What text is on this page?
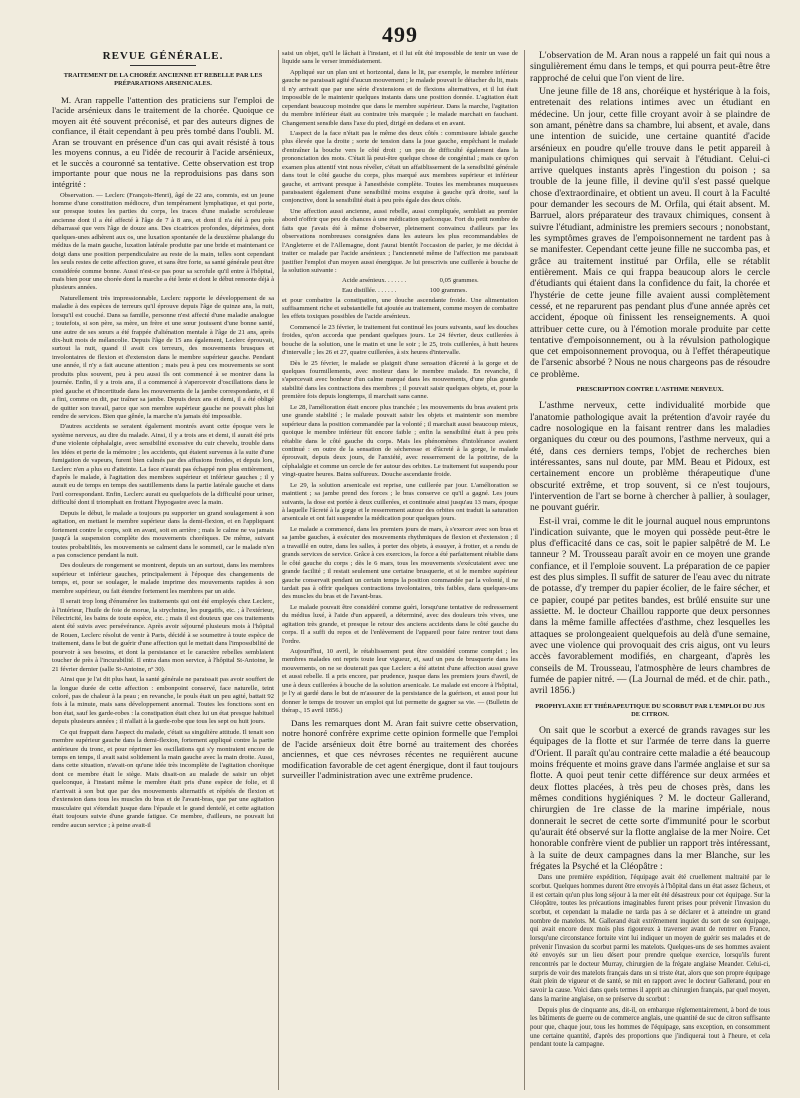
499
REVUE GÉNÉRALE.
TRAITEMENT DE LA CHORÉE ANCIENNE ET REBELLE PAR LES PRÉPARATIONS ARSENICALES.

M. Aran rappelle l'attention des praticiens sur l'emploi de l'acide arsénieux dans le traitement de la chorée. Quoique ce moyen ait été souvent préconisé, et par des auteurs dignes de confiance, il était cependant à peu près tombé dans l'oubli. M. Aran se trouvant en présence d'un cas qui avait résisté à tous les moyens connus, a eu l'idée de recourir à l'acide arsénieux, et le succès a couronné sa tentative. Cette observation est trop importante pour que nous ne la reproduisions pas dans son intégrité :

Observation. — Leclerc (François-Henri), âgé de 22 ans, commis, est un jeune homme d'une constitution médiocre, d'un tempérament lymphatique, et qui porte, sur presque toutes les parties du corps, les traces d'une maladie scrofuleuse ancienne dont il a été affecté à l'âge de 7 à 8 ans, et dont il n'a été à peu près débarrassé que vers l'âge de douze ans. Des cicatrices profondes, déprimées, dont quelques-unes adhèrent aux os, une luxation spontanée de la deuxième phalange du médius de la main gauche, luxation latérale produite par une bride et maintenant ce doigt dans une position perpendiculaire au reste de la main, telles sont cependant les seuls restes de cette affection grave, et sans être forte, sa santé générale peut être considérée comme bonne. Aussi n'est-ce pas pour sa scrofule qu'il entre à l'hôpital, mais bien pour une chorée dont la marche a été lente et dont le début remonte déjà à plusieurs années.

Naturellement très impressionnable, Leclerc rapporte le développement de sa maladie à des espèces de terreurs qu'il éprouve depuis l'âge de quinze ans, la nuit, lorsqu'il est couché. Dans sa famille, personne n'est affecté d'une maladie analogue ; toutefois, si son père, sa mère, un frère et une sœur jouissent d'une bonne santé, une autre de ses sœurs a été frappée d'aliénation mentale à l'âge de 21 ans, après dix-huit mois de mélancolie. Depuis l'âge de 15 ans également, Leclerc éprouvait, surtout la nuit, quand il avait ces terreurs, des mouvements brusques et involontaires de flexion et d'extension dans le membre supérieur gauche. Pendant une année, il n'y a fait aucune attention ; mais peu à peu ces mouvements se sont produits plus souvent, peu à peu aussi ils ont commencé à se montrer dans la journée. Enfin, il y a trois ans, il a commencé à s'apercevoir d'oscillations dans le pied gauche et d'incertitude dans les mouvements de la jambe correspondante, et il a fini, comme on dit, par traîner sa jambe. Depuis deux ans et demi, il a été obligé de quitter son travail, parce que son membre supérieur gauche ne pouvait plus lui rendre de services. Bien que gênée, la marche n'a jamais été impossible.

D'autres accidents se seraient également montrés avant cette époque vers le système nerveux, au dire du malade. Ainsi, il y a trois ans et demi, il aurait été pris d'une violente céphalalgie, avec sensibilité excessive du cuir chevelu, trouble dans les idées et perte de la mémoire ; les accidents, qui étaient survenus à la suite d'une fumigation de vapeurs, furent bien calmés par des affusions froides, et depuis lors, Leclerc n'en a plus eu d'atteinte. La face n'aurait pas échappé non plus entièrement, d'après le malade, à l'agitation des membres supérieur et inférieur gauches ; il y aurait eu de temps en temps des sautillements dans la partie latérale gauche et dans l'œil correspondant. Enfin, Leclerc aurait eu quelquefois de la difficulté pour uriner, difficulté dont il triomphait en frottant l'hypogastre avec la main.

Depuis le début, le malade a toujours pu supporter un grand soulagement à son agitation, en mettant le membre supérieur dans la demi-flexion, et en l'appliquant fortement contre le corps, soit en avant, soit en arrière ; mais le calme ne va jamais jusqu'à la suspension complète des mouvements choréiques. De même, suivant toutes probabilités, les mouvements se calment dans le sommeil, car le malade n'en a pas conscience pendant la nuit.

Des douleurs de rongement se montrent, depuis un an surtout, dans les membres supérieur et inférieur gauches, principalement à l'époque des changements de temps, et, pour se soulager, le malade imprime des mouvements rapides à son membre supérieur, ou fait étendre fortement les membres par un aide.

Il serait trop long d'énumérer les traitements qui ont été employés chez Leclerc, à l'intérieur, l'huile de foie de morue, la strychnine, les purgatifs, etc. ; à l'extérieur, l'électricité, les bains de toute espèce, etc. ; mais il est douteux que ces traitements aient été suivis avec persévérance. Après avoir séjourné plusieurs mois à l'hôpital de Rouen, Leclerc résolut de venir à Paris, décidé à se soumettre à toute espèce de traitement, dans le but de guérir d'une affection qui le mettait dans l'impossibilité de pourvoir à ses besoins, et dont la persistance et le caractère rebelles semblaient toucher de près à l'incurabilité. Il entra dans mon service, à l'hôpital St-Antoine, le 21 février dernier (salle St-Antoine, nº 30).

Ainsi que je l'ai dit plus haut, la santé générale ne paraissait pas avoir souffert de la longue durée de cette affection : embonpoint conservé, face naturelle, teint coloré, pas de chaleur à la peau ; en revanche, le pouls était un peu agité, battait 92 fois à la minute, mais sans développement anormal. Toutes les fonctions sont en bon état, sauf les garde-robes : la constipation était chez lui un état presque habituel depuis plusieurs années ; il n'allait à la garde-robe que tous les sept ou huit jours.

Ce qui frappait dans l'aspect du malade, c'était sa singulière attitude. Il tenait son membre supérieur gauche dans la demi-flexion, fortement appliqué contre la partie antérieure du tronc, et pour réprimer les oscillations qui s'y montraient encore de temps en temps, il avait saisi solidement la main gauche avec la main droite. Aussi, dans cette situation, n'avait-on qu'une idée très incomplète de l'agitation choréique dont ce membre était le siège. Mais disait-on au malade de saisir un objet quelconque, à l'instant même le membre était pris d'une espèce de folie, et il n'arrivait à son but que par des mouvements alternatifs et répétés de flexion et d'extension dans tous les muscles du bras et de l'avant-bras, que par une agitation musculaire qui s'étendait jusque dans l'épaule et le grand dentelé, et cette agitation était toujours suivie d'une grande fatigue. Ce membre, d'ailleurs, ne pouvait lui rendre aucun service ; à peine avait-il

saisi un objet, qu'il le lâchait à l'instant, et il lui eût été impossible de tenir un vase de liquide sans le verser immédiatement.

Appliqué sur un plan uni et horizontal, dans le lit, par exemple, le membre inférieur gauche ne paraissait agité d'aucun mouvement ; le malade pouvait le détacher du lit, mais il n'y arrivait que par une série d'extensions et de flexions alternatives, et il lui était impossible de le maintenir quelques instants dans une position donnée. L'agitation était cependant beaucoup moindre que dans le membre supérieur. Dans la marche, l'agitation du membre inférieur était au contraire très marquée ; le malade marchait en fauchant. Changement sensible dans l'axe du pied, dirigé en dedans et en avant.

L'aspect de la face n'était pas le même des deux côtés : commissure labiale gauche plus élevée que la droite ; sorte de tension dans la joue gauche, empêchant le malade d'entraîner la bouche vers le côté droit ; un peu de difficulté également dans la prononciation des mots. C'était là peut-être quelque chose de congénital ; mais ce qu'on examen plus attentif vint nous révéler, c'était un affaiblissement de la sensibilité générale dans tout le côté gauche du corps, plus marqué aux membres supérieur et inférieur gauche, et arrivant presque à l'anesthésie complète. Toutes les membranes muqueuses paraissaient également d'une sensibilité moins exquise à gauche qu'à droite, sauf la conjonctive, dont la sensibilité était à peu près égale des deux côtés.

Une affection aussi ancienne, aussi rebelle, aussi compliquée, semblait au premier abord n'offrir que peu de chances à une médication quelconque. Fort du petit nombre de faits que j'avais été à même d'observer, pleinement convaincu d'ailleurs par les observations nombreuses consignées dans les auteurs les plus recommandables de l'Angleterre et de l'Allemagne, dont j'aurai bientôt l'occasion de parler, je me décidai à traiter ce malade par l'acide arsénieux ; l'ancienneté même de l'affection me paraissait justifier l'emploi d'un moyen aussi énergique. Je lui prescrivis une cuillerée à bouche de la solution suivante :

Acide arsénieux. . . . . . .	0,05 grammes.
Eau distillée. . . . . . .	100 grammes.

et pour combattre la constipation, une douche ascendante froide. Une alimentation suffisamment riche et substantielle fut ajoutée au traitement, comme moyen de combattre les effets toxiques possibles de l'acide arsénieux.

Commencé le 23 février, le traitement fut continué les jours suivants, sauf les douches froides, qu'on accorda que pendant quelques jours. Le 24 février, deux cuillerées à bouche de la solution, une le matin et une le soir ; le 25, trois cuillerées, à huit heures d'intervalle ; les 26 et 27, quatre cuillerées, à six heures d'intervalle.

Dès le 25 février, le malade se plaignit d'une sensation d'âcreté à la gorge et de quelques fourmillements, avec moiteur dans le membre malade. En revanche, il s'apercevait avec bonheur d'un calme marqué dans les mouvements, d'une plus grande stabilité dans les contractions des membres ; il pouvait saisir quelques objets, et, pour la première fois depuis longtemps, il marchait sans canne.

Le 28, l'amélioration était encore plus tranchée ; les mouvements du bras avaient pris une grande stabilité ; le malade pouvait saisir les objets et maintenir son membre supérieur dans la position commandée par la volonté ; il marchait aussi beaucoup mieux, quoique le membre inférieur fût encore faible ; enfin la sensibilité était à peu près rétablie dans le côté gauche du corps. Mais les phénomènes d'intolérance avaient continué : en outre de la sensation de sécheresse et d'âcreté à la gorge, le malade éprouvait, depuis deux jours, de l'anxiété, avec resserrement de la poitrine, de la céphalalgie et comme un cercle de fer autour des orbites. Le traitement fut suspendu pour vingt-quatre heures. Bains sulfureux. Douche ascendante froide.

Le 29, la solution arsenicale est reprise, une cuillerée par jour. L'amélioration se maintient ; sa jambe prend des forces ; le bras conserve ce qu'il a gagné. Les jours suivants, la dose est portée à deux cuillerées, et continuée ainsi jusqu'au 13 mars, époque à laquelle l'âcreté à la gorge et le resserrement autour des orbites ont traduit la saturation arsenicale et ont fait suspendre la médication pour quelques jours.

Le malade a commencé, dans les premiers jours de mars, à s'exercer avec son bras et sa jambe gauches, à exécuter des mouvements rhythmiques de flexion et d'extension ; il a travaillé en outre, dans les salles, à porter des objets, à essuyer, à frotter, et a rendu de grands services de service. Grâce à ces exercices, la force a été parfaitement rétablie dans le côté gauche du corps ; dès le 6 mars, tous les mouvements s'exécutaient avec une grande facilité ; il restait seulement une certaine brusquerie, et si le membre supérieur gauche conservait pendant un certain temps la position commandée par la volonté, il ne tardait pas à offrir quelques contractions involontaires, très faibles, dans quelques-uns des muscles du bras et de l'avant-bras.

Le malade pouvait être considéré comme guéri, lorsqu'une tentative de redressement du médius luxé, à l'aide d'un appareil, a déterminé, avec des douleurs très vives, une agitation très grande, et presque le retour des anciens accidents dans le côté gauche du corps. Il a suffi du repos et de l'enlèvement de l'appareil pour faire rentrer tout dans l'ordre.

Aujourd'hui, 10 avril, le rétablissement peut être considéré comme complet ; les membres malades ont repris toute leur vigueur, et, sauf un peu de brusquerie dans les mouvements, on ne se douterait pas que Leclerc a été atteint d'une affection aussi grave et aussi rebelle. Il a pris encore, par prudence, jusque dans les premiers jours d'avril, de une à deux cuillerées à bouche de la solution arsenicale. Le malade est encore à l'hôpital, je l'y ai gardé dans le but de m'assurer de la persistance de la guérison, et aussi pour lui donner le temps de trouver un emploi qui lui permette de gagner sa vie. — (Bulletin de thérap., 15 avril 1856.)

Dans les remarques dont M. Aran fait suivre cette observation, notre honoré confrère exprime cette opinion formelle que l'emploi de l'acide arsénieux doit être borné au traitement des chorées anciennes, et que ces névroses récentes ne requièrent aucune modification favorable de cet agent énergique, dont il faut toujours surveiller l'administration avec une extrême prudence.

L'observation de M. Aran nous a rappelé un fait qui nous a singulièrement ému dans le temps, et qui pourra peut-être être rapproché de celui que l'on vient de lire.

Une jeune fille de 18 ans, choréique et hystérique à la fois, entretenait des relations intimes avec un étudiant en médecine. Un jour, cette fille croyant avoir à se plaindre de son amant, pénètre dans sa chambre, lui absent, et avale, dans une intention de suicide, une certaine quantité d'acide arsénieux en poudre qu'elle trouve dans le petit appareil à manipulations chimiques qui servait à l'étudiant. Celui-ci arrive quelques instants après l'ingestion du poison ; sa trouble de la jeune fille, il devine qu'il s'est passé quelque chose d'extraordinaire, et obtient un aveu. Il court à la Faculté pour demander les secours de M. Orfila, qui était absent. M. Barruel, alors préparateur des travaux chimiques, consent à suivre l'étudiant, administre les premiers secours ; nonobstant, les symptômes graves de l'empoisonnement ne tardent pas à se manifester. Cependant cette jeune fille ne succomba pas, et grâce au traitement institué par Orfila, elle se rétablit entièrement. Mais ce qui frappa beaucoup alors le cercle d'étudiants qui étaient dans la confidence du fait, la chorée et l'hystérie de cette jeune fille avaient aussi complètement cessé, et ne reparurent pas pendant plus d'une année après cet accident, époque où finissent les renseignements. A quoi attribuer cette cure, ou à l'émotion morale produite par cette tentative d'empoisonnement, ou à la révulsion pathologique que cet empoisonnement provoqua, ou à l'effet thérapeutique de l'arsenic absorbé ? Nous ne nous chargeons pas de résoudre ce problème.

PRESCRIPTION CONTRE L'ASTHME NERVEUX.

L'asthme nerveux, cette individualité morbide que l'anatomie pathologique avait la prétention d'avoir rayée du cadre nosologique en la faisant rentrer dans les maladies organiques du cœur ou des poumons, l'asthme nerveux, qui a été, dans ces derniers temps, l'objet de recherches bien intéressantes, sans nul doute, par MM. Beau et Pidoux, est certainement encore un problème thérapeutique d'une obscurité extrême, et trop souvent, si ce n'est toujours, l'intervention de l'art se borne à chercher à pallier, à soulager, ne pouvant guérir.

Est-il vrai, comme le dit le journal auquel nous empruntons l'indication suivante, que le moyen qui possède peut-être le plus d'efficacité dans ce cas, soit le papier salpêtré de M. Le tanneur ? M. Trousseau paraît avoir en ce moyen une grande confiance, et il l'emploie souvent. La préparation de ce papier est des plus simples. Il suffit de saturer de l'eau avec du nitrate de potasse, d'y tremper du papier écolier, de le faire sécher, et ce papier, coupé par petites bandes, est brûlé ensuite sur une assiette. M. le docteur Chaillou rapporte que deux personnes dans la même famille affectées d'asthme, chez lesquelles les attaques se prolongeaient quelquefois au delà d'une semaine, avec une violence qui provoquait des cris aigus, ont vu leurs accès favorablement modifiés, en chargeant, d'après les conseils de M. Trousseau, l'atmosphère de leurs chambres de fumée de papier nitré. — (La Journal de méd. et de chir. path., avril 1856.)

PROPHYLAXIE ET THÉRAPEUTIQUE DU SCORBUT PAR L'EMPLOI DU JUS DE CITRON.

On sait que le scorbut a exercé de grands ravages sur les équipages de la flotte et sur l'armée de terre dans la guerre d'Orient. Il paraît qu'au contraire cette maladie a été beaucoup moins fréquente et moins grave dans l'armée anglaise et sur sa flotte. A quoi peut tenir cette différence sur deux armées et deux flottes placées, à très peu de choses près, dans les mêmes conditions hygiéniques ? M. le docteur Gallerand, chirurgien de 1re classe de la marine impériale, nous donnerait le secret de cette sorte d'immunité pour le scorbut qu'aurait été observé sur la flotte anglaise de la mer Noire. Cet honorable confrère vient de publier un rapport très intéressant, à la suite de deux campagnes dans la mer Blanche, sur les frégates la Psyché et la Cléopâtre :

Dans une première expédition, l'équipage avait été cruellement maltraité par le scorbut. Quelques hommes durent être envoyés à l'hôpital dans un état assez fâcheux, et il est certain qu'un plus long séjour à la mer eût été désastreux pour cet équipage. Sur la Cléopâtre, toutes les précautions imaginables furent prises pour prévenir l'invasion du scorbut, et cependant la maladie ne tarda pas à se déclarer et à atteindre un grand nombre de matelots. M. Gallerand était extrêmement inquiet du sort de son équipage, qui avait encore deux mois plus rigoureux à traverser avant de rentrer en France, lorsqu'une circonstance fortuite vint lui indiquer un moyen de guérir ses malades et de prévenir l'invasion du scorbut parmi les matelots. Quelques-uns de ses hommes avaient été envoyés sur un lieu désert pour prendre quelque exercice, lorsqu'ils furent rencontrés par le docteur Murray, chirurgien de la frégate anglaise Meander. Celui-ci, surpris de voir des matelots français dans un si triste état, alors que son propre équipage était plein de vigueur et de santé, se mit en rapport avec le docteur Gallerand, pour en savoir la cause. Voici dans quels termes il apprit au chirurgien français, par quel moyen, dans la marine anglaise, on se préserve du scorbut :

Depuis plus de cinquante ans, dit-il, on embarque réglementairement, à bord de tous les bâtiments de guerre ou de commerce anglais, une quantité de suc de citron suffisante pour que, chaque jour, tous les hommes de l'équipage, sans exception, en consomment une certaine quantité, d'après des proportions que j'indiquerai tout à l'heure, et cela pendant toute la campagne.
